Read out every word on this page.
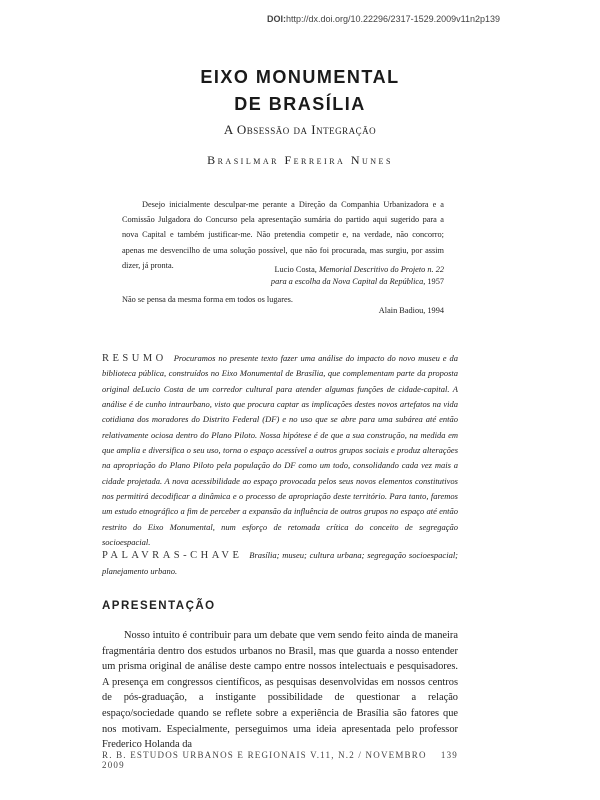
DOI:http://dx.doi.org/10.22296/2317-1529.2009v11n2p139
EIXO MONUMENTAL
DE BRASÍLIA
A Obsessão da Integração
Brasilmar Ferreira Nunes
Desejo inicialmente desculpar-me perante a Direção da Companhia Urbanizadora e a Comissão Julgadora do Concurso pela apresentação sumária do partido aqui sugerido para a nova Capital e também justificar-me. Não pretendia competir e, na verdade, não concorro; apenas me desvencilho de uma solução possível, que não foi procurada, mas surgiu, por assim dizer, já pronta.	Lucio Costa, Memorial Descritivo do Projeto n. 22
para a escolha da Nova Capital da República, 1957
Não se pensa da mesma forma em todos os lugares.
Alain Badiou, 1994
RESUMO Procuramos no presente texto fazer uma análise do impacto do novo museu e da biblioteca pública, construídos no Eixo Monumental de Brasília, que complementam parte da proposta original deLucio Costa de um corredor cultural para atender algumas funções de cidade-capital. A análise é de cunho intraurbano, visto que procura captar as implicações destes novos artefatos na vida cotidiana dos moradores do Distrito Federal (DF) e no uso que se abre para uma subárea até então relativamente ociosa dentro do Plano Piloto. Nossa hipótese é de que a sua construção, na medida em que amplia e diversifica o seu uso, torna o espaço acessível a outros grupos sociais e produz alterações na apropriação do Plano Piloto pela população do DF como um todo, consolidando cada vez mais a cidade projetada. A nova acessibilidade ao espaço provocada pelos seus novos elementos constitutivos nos permitirá decodificar a dinâmica e o processo de apropriação deste território. Para tanto, faremos um estudo etnográfico a fim de perceber a expansão da influência de outros grupos no espaço até então restrito do Eixo Monumental, num esforço de retomada crítica do conceito de segregação socioespacial.
PALAVRAS-CHAVE Brasília; museu; cultura urbana; segregação socioespacial; planejamento urbano.
APRESENTAÇÃO
Nosso intuito é contribuir para um debate que vem sendo feito ainda de maneira fragmentária dentro dos estudos urbanos no Brasil, mas que guarda a nosso entender um prisma original de análise deste campo entre nossos intelectuais e pesquisadores. A presença em congressos científicos, as pesquisas desenvolvidas em nossos centros de pós-graduação, a instigante possibilidade de questionar a relação espaço/sociedade quando se reflete sobre a experiência de Brasília são fatores que nos motivam. Especialmente, perseguimos uma ideia apresentada pelo professor Frederico Holanda da
R. B. ESTUDOS URBANOS E REGIONAIS V.11, N.2 / NOVEMBRO 2009
139
